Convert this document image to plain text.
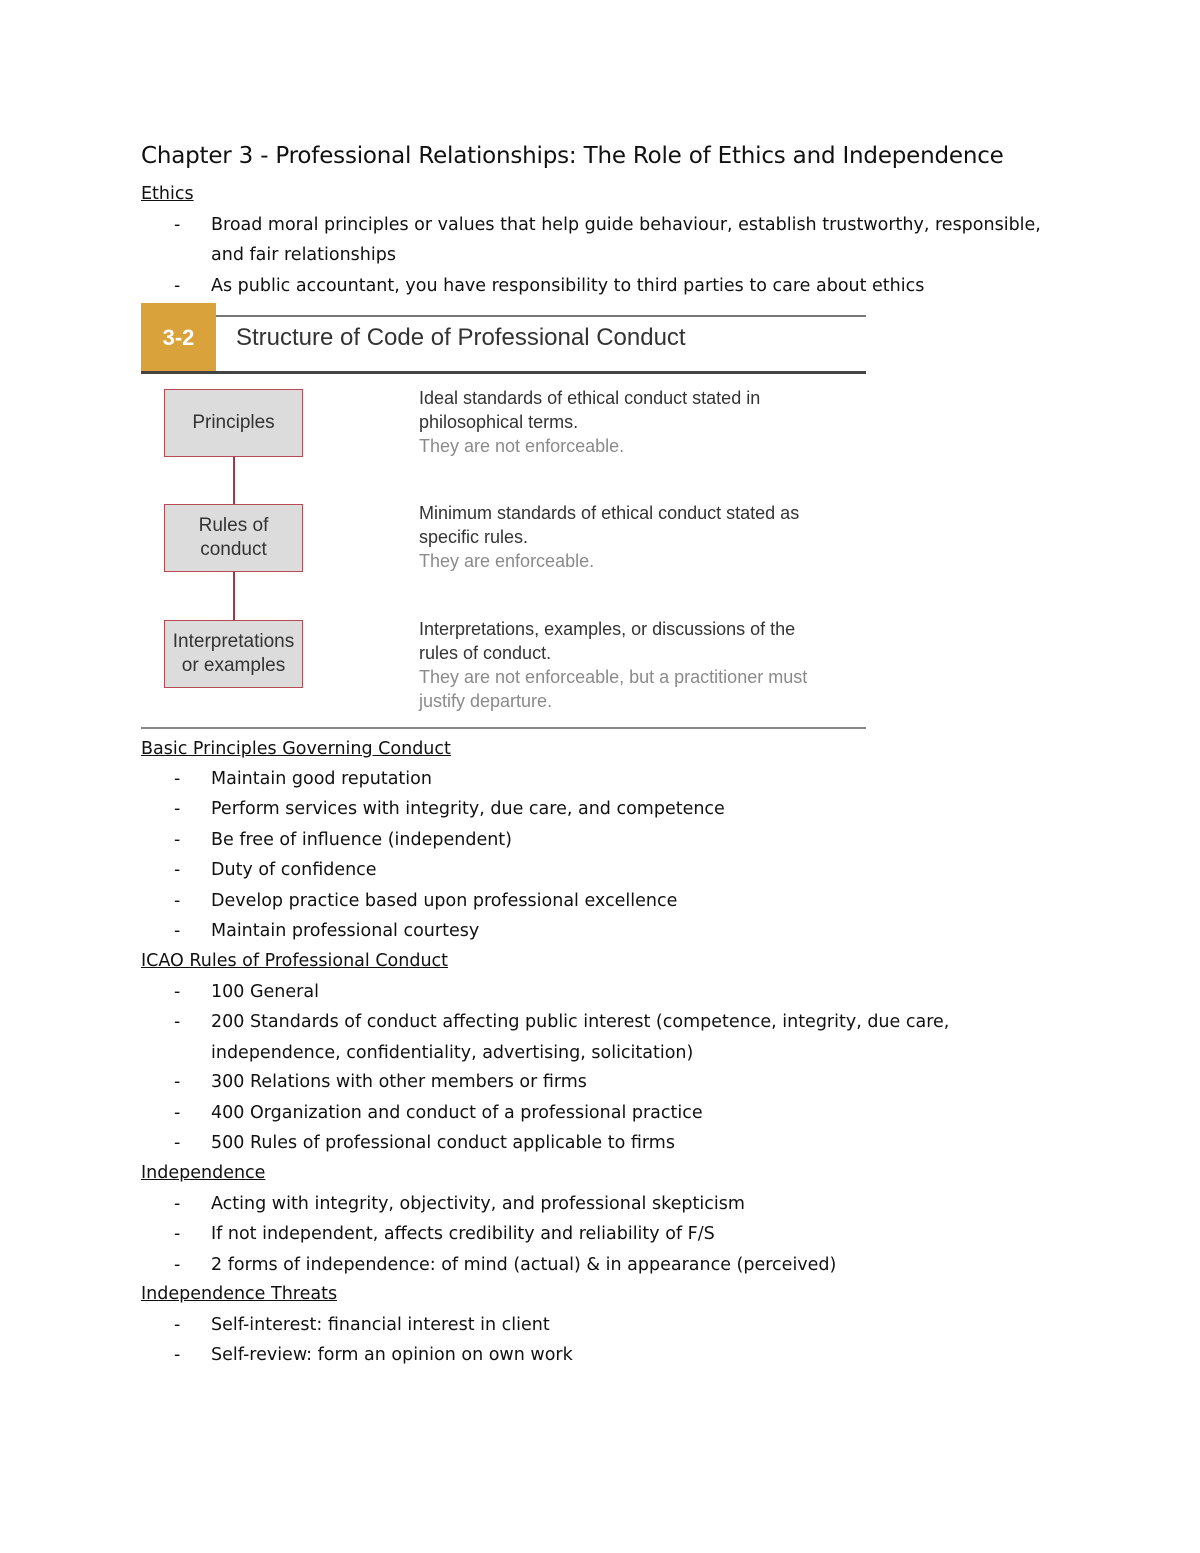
Chapter 3 - Professional Relationships: The Role of Ethics and Independence
Ethics
- Broad moral principles or values that help guide behaviour, establish trustworthy, responsible,
and fair relationships
- As public accountant, you have responsibility to third parties to care about ethics
3-2	Structure of Code of Professional Conduct
Principles
Ideal standards of ethical conduct stated in
philosophical terms.
They are not enforceable.
Rules of
conduct
Minimum standards of ethical conduct stated as
specific rules.
They are enforceable.
Interpretations
or examples
Interpretations, examples, or discussions of the
rules of conduct.
They are not enforceable, but a practitioner must
justify departure.
Basic Principles Governing Conduct
- Maintain good reputation
- Perform services with integrity, due care, and competence
- Be free of influence (independent)
- Duty of confidence
- Develop practice based upon professional excellence
- Maintain professional courtesy
ICAO Rules of Professional Conduct
- 100 General
- 200 Standards of conduct affecting public interest (competence, integrity, due care,
independence, confidentiality, advertising, solicitation)
- 300 Relations with other members or firms
- 400 Organization and conduct of a professional practice
- 500 Rules of professional conduct applicable to firms
Independence
- Acting with integrity, objectivity, and professional skepticism
- If not independent, affects credibility and reliability of F/S
- 2 forms of independence: of mind (actual) & in appearance (perceived)
Independence Threats
- Self-interest: financial interest in client
- Self-review: form an opinion on own work
